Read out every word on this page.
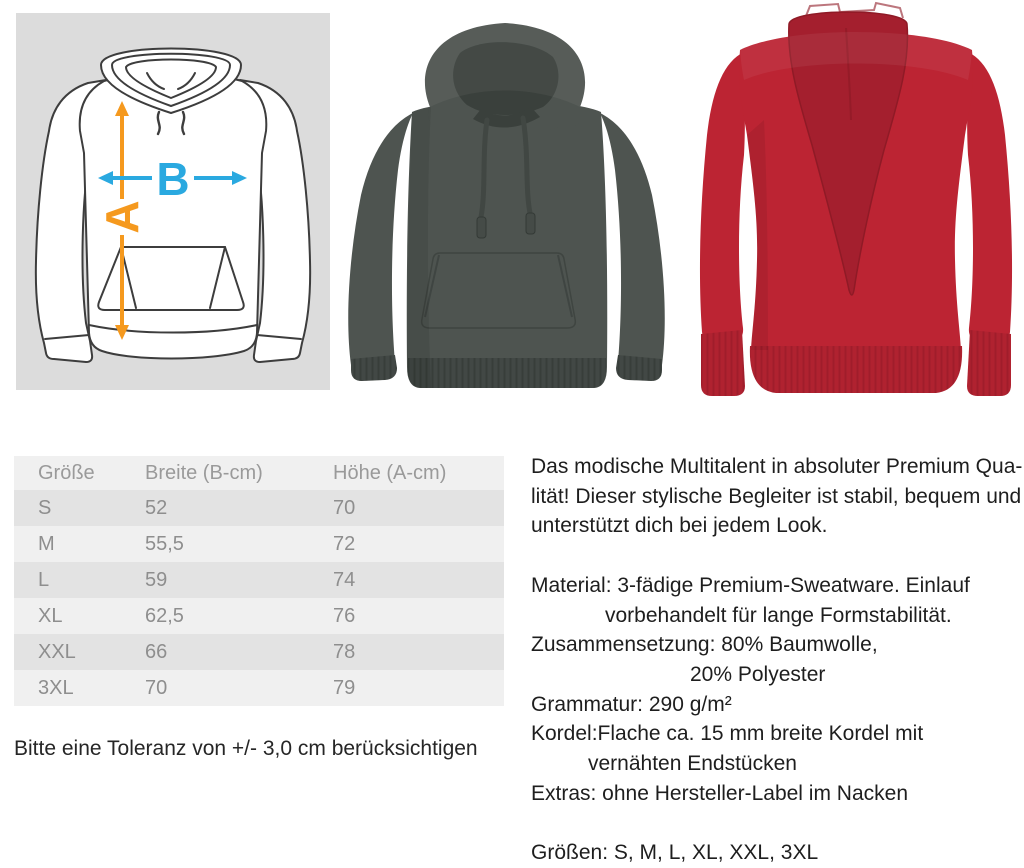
A
B
Größe	Breite (B-cm)	Höhe (A-cm)
S	52	70
M	55,5	72
L	59	74
XL	62,5	76
XXL	66	78
3XL	70	79
Bitte eine Toleranz von +/- 3,0 cm berücksichtigen
Das modische Multitalent in absoluter Premium Qua-
lität! Dieser stylische Begleiter ist stabil, bequem und
unterstützt dich bei jedem Look.
Material: 3-fädige Premium-Sweatware. Einlauf
vorbehandelt für lange Formstabilität.
Zusammensetzung: 80% Baumwolle,
20% Polyester
Grammatur: 290 g/m²
Kordel:Flache ca. 15 mm breite Kordel mit
vernähten Endstücken
Extras: ohne Hersteller-Label im Nacken
Größen: S, M, L, XL, XXL, 3XL
